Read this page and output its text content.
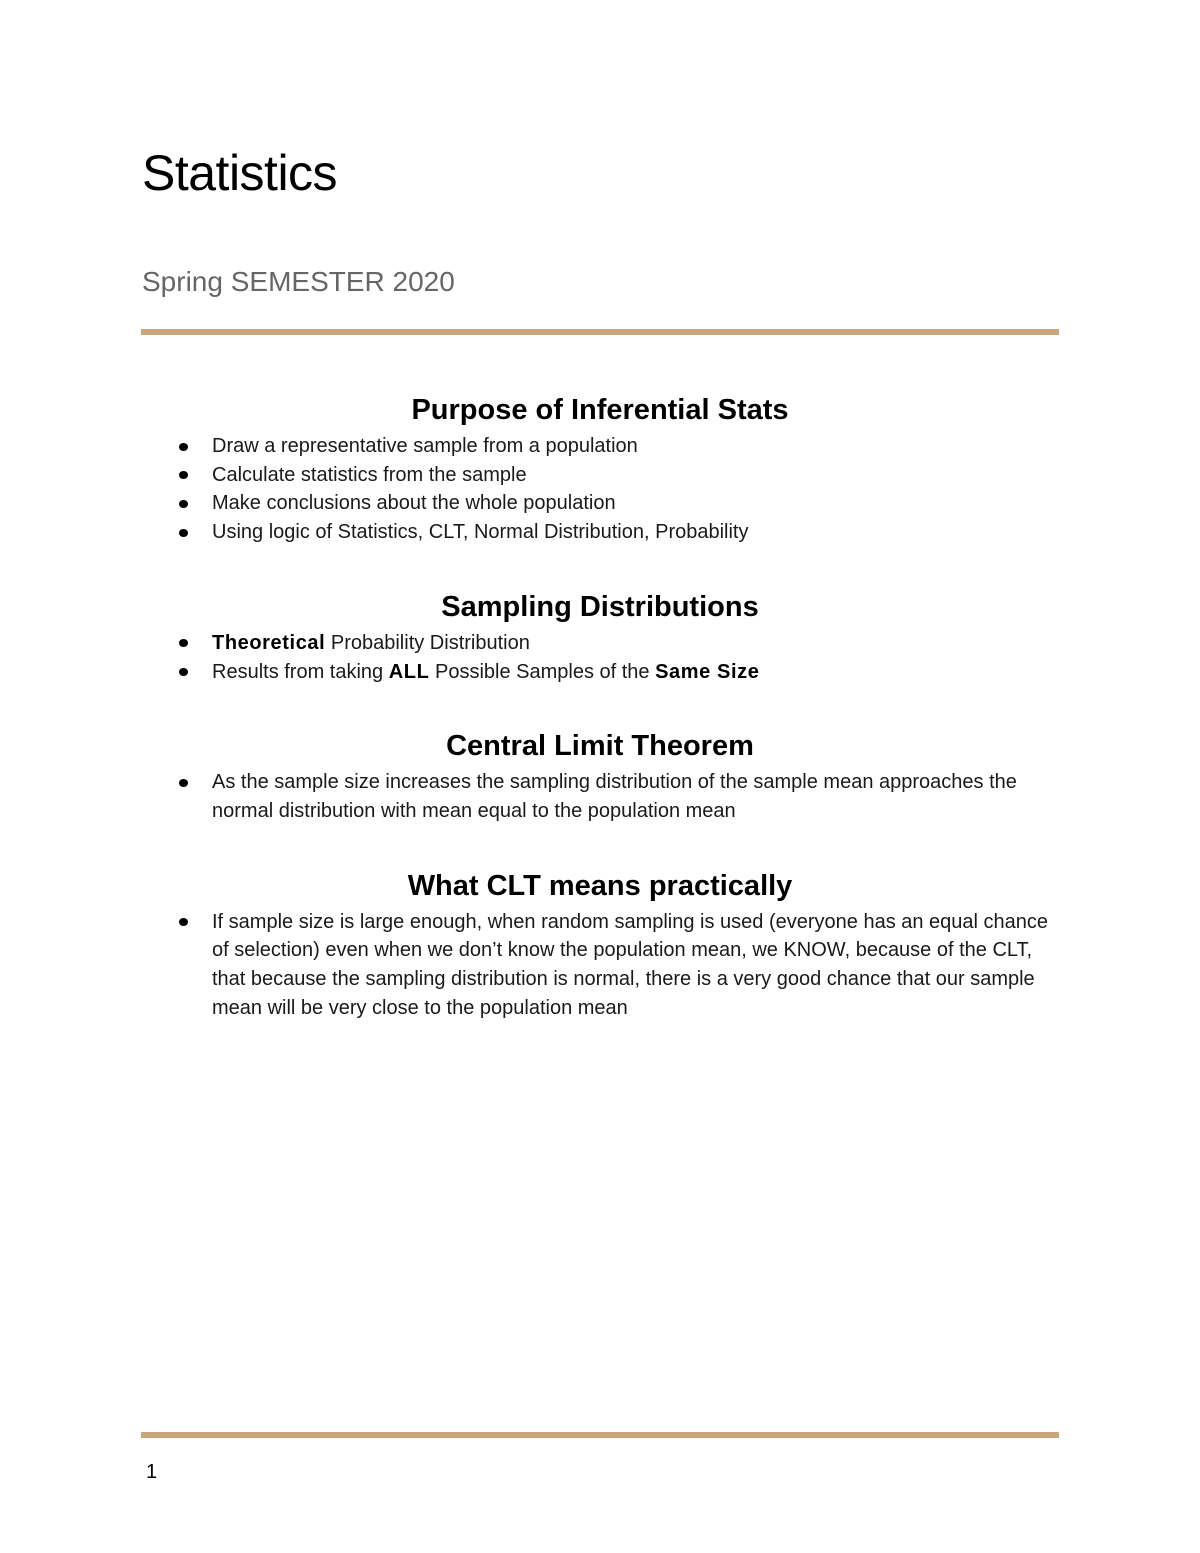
Statistics

Spring SEMESTER 2020

Purpose of Inferential Stats
Draw a representative sample from a population
Calculate statistics from the sample
Make conclusions about the whole population
Using logic of Statistics, CLT, Normal Distribution, Probability
Sampling Distributions
Theoretical Probability Distribution
Results from taking ALL Possible Samples of the Same Size
Central Limit Theorem
As the sample size increases the sampling distribution of the sample mean approaches the normal distribution with mean equal to the population mean
What CLT means practically
If sample size is large enough, when random sampling is used (everyone has an equal chance of selection) even when we don’t know the population mean, we KNOW, because of the CLT, that because the sampling distribution is normal, there is a very good chance that our sample mean will be very close to the population mean

1
